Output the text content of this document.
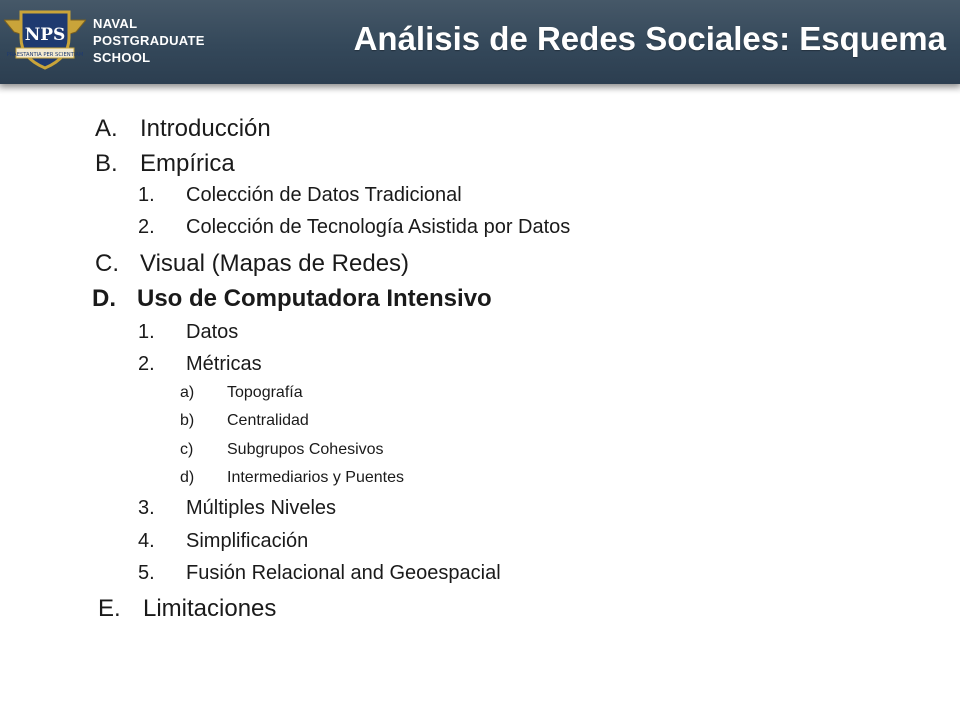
NPS
PRAESTANTIA PER SCIENTIAM
NAVAL
POSTGRADUATE
SCHOOL
Análisis de Redes Sociales: Esquema
A. Introducción
B. Empírica
1. Colección de Datos Tradicional
2. Colección de Tecnología Asistida por Datos
C. Visual (Mapas de Redes)
D. Uso de Computadora Intensivo
1. Datos
2. Métricas
a) Topografía
b) Centralidad
c) Subgrupos Cohesivos
d) Intermediarios y Puentes
3. Múltiples Niveles
4. Simplificación
5. Fusión Relacional and Geoespacial
E. Limitaciones
